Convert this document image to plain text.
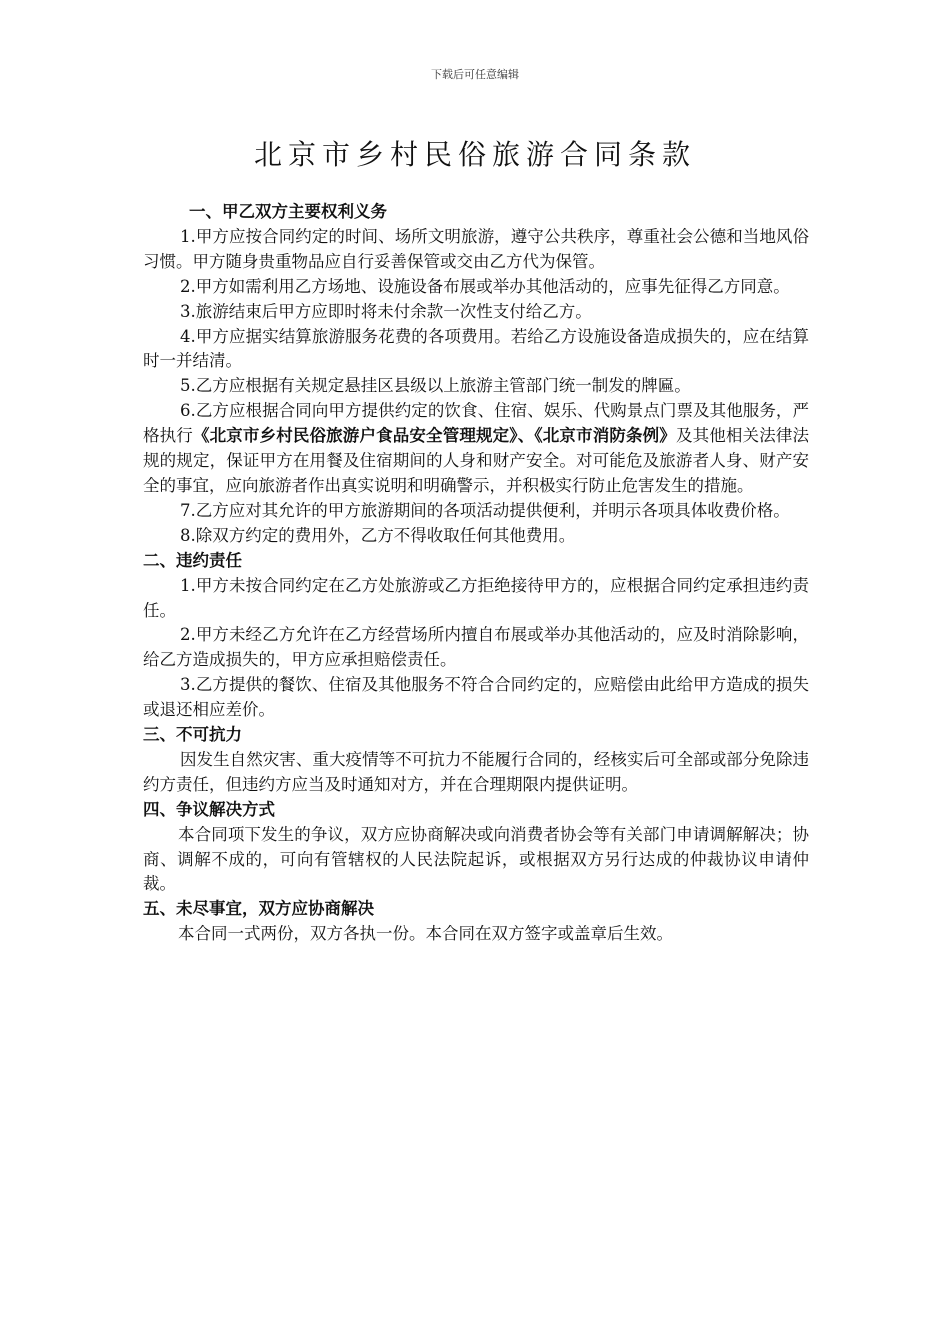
下载后可任意编辑
北京市乡村民俗旅游合同条款

一、甲乙双方主要权利义务

1.甲方应按合同约定的时间、场所文明旅游，遵守公共秩序，尊重社会公德和当地风俗习惯。甲方随身贵重物品应自行妥善保管或交由乙方代为保管。

2.甲方如需利用乙方场地、设施设备布展或举办其他活动的，应事先征得乙方同意。

3.旅游结束后甲方应即时将未付余款一次性支付给乙方。

4.甲方应据实结算旅游服务花费的各项费用。若给乙方设施设备造成损失的，应在结算时一并结清。

5.乙方应根据有关规定悬挂区县级以上旅游主管部门统一制发的牌匾。

6.乙方应根据合同向甲方提供约定的饮食、住宿、娱乐、代购景点门票及其他服务，严格执行《北京市乡村民俗旅游户食品安全管理规定》、《北京市消防条例》及其他相关法律法规的规定，保证甲方在用餐及住宿期间的人身和财产安全。对可能危及旅游者人身、财产安全的事宜，应向旅游者作出真实说明和明确警示，并积极实行防止危害发生的措施。

7.乙方应对其允许的甲方旅游期间的各项活动提供便利，并明示各项具体收费价格。

8.除双方约定的费用外，乙方不得收取任何其他费用。

二、违约责任

1.甲方未按合同约定在乙方处旅游或乙方拒绝接待甲方的，应根据合同约定承担违约责任。

2.甲方未经乙方允许在乙方经营场所内擅自布展或举办其他活动的，应及时消除影响，给乙方造成损失的，甲方应承担赔偿责任。

3.乙方提供的餐饮、住宿及其他服务不符合合同约定的，应赔偿由此给甲方造成的损失或退还相应差价。

三、不可抗力

因发生自然灾害、重大疫情等不可抗力不能履行合同的，经核实后可全部或部分免除违约方责任，但违约方应当及时通知对方，并在合理期限内提供证明。

四、争议解决方式

本合同项下发生的争议，双方应协商解决或向消费者协会等有关部门申请调解解决；协商、调解不成的，可向有管辖权的人民法院起诉，或根据双方另行达成的仲裁协议申请仲裁。

五、未尽事宜，双方应协商解决

本合同一式两份，双方各执一份。本合同在双方签字或盖章后生效。
